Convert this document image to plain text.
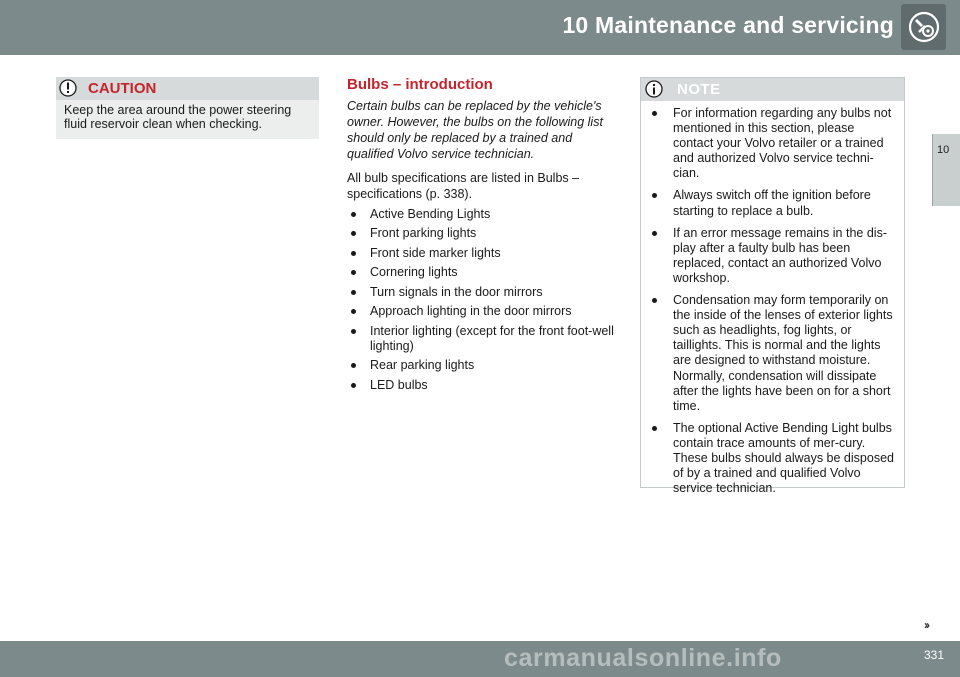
10 Maintenance and servicing
10
CAUTION
Keep the area around the power steering fluid reservoir clean when checking.
Bulbs – introduction
Certain bulbs can be replaced by the vehicle's owner. However, the bulbs on the following list should only be replaced by a trained and qualified Volvo service technician.
All bulb specifications are listed in Bulbs – specifications (p. 338).
Active Bending Lights
Front parking lights
Front side marker lights
Cornering lights
Turn signals in the door mirrors
Approach lighting in the door mirrors
Interior lighting (except for the front foot-well lighting)
Rear parking lights
LED bulbs
NOTE
For information regarding any bulbs not mentioned in this section, please contact your Volvo retailer or a trained and authorized Volvo service techni-cian.
Always switch off the ignition before starting to replace a bulb.
If an error message remains in the dis-play after a faulty bulb has been replaced, contact an authorized Volvo workshop.
Condensation may form temporarily on the inside of the lenses of exterior lights such as headlights, fog lights, or taillights. This is normal and the lights are designed to withstand moisture. Normally, condensation will dissipate after the lights have been on for a short time.
The optional Active Bending Light bulbs contain trace amounts of mer-cury. These bulbs should always be disposed of by a trained and qualified Volvo service technician.
››
carmanualsonline.info	331
